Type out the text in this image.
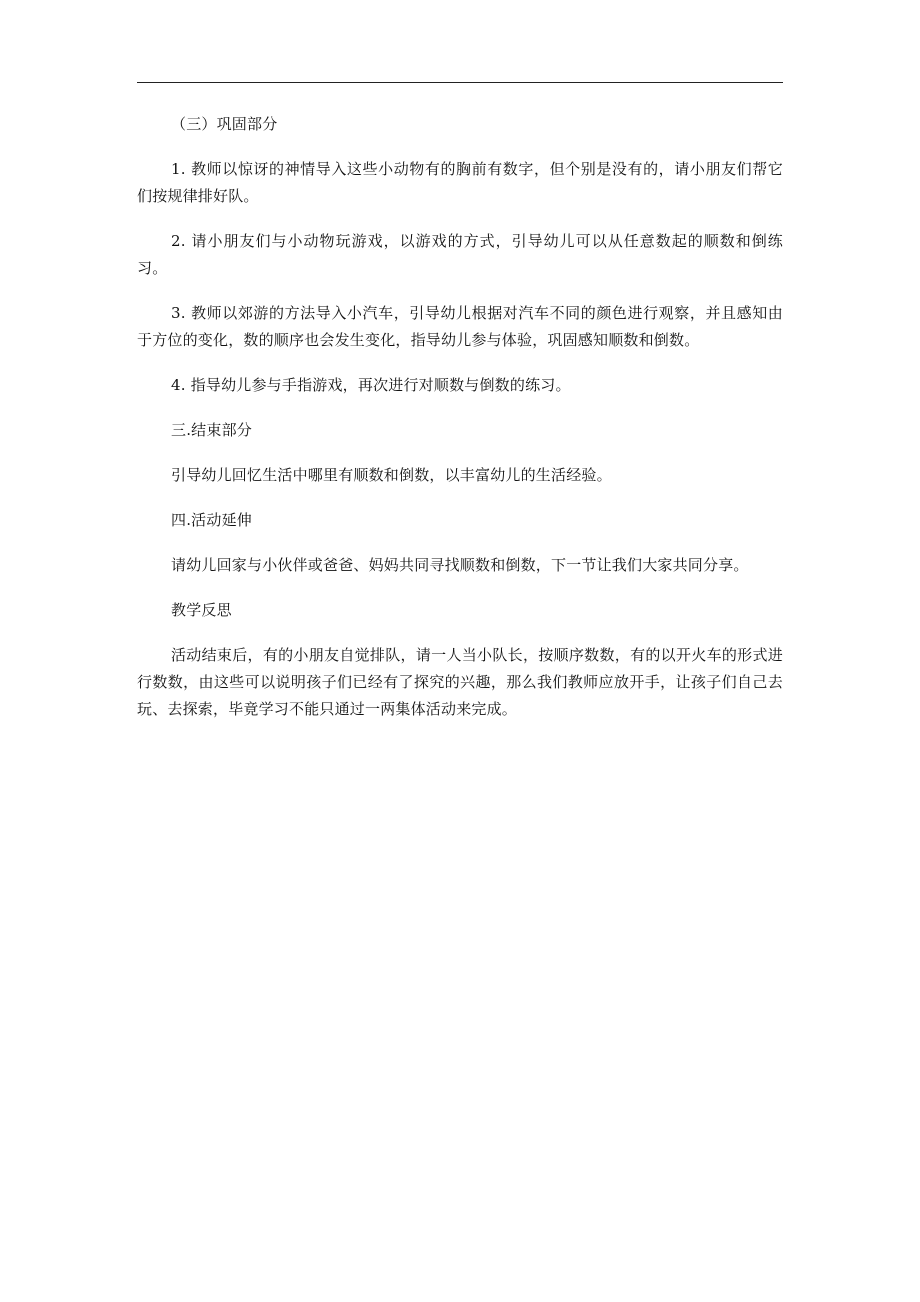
（三）巩固部分

1. 教师以惊讶的神情导入这些小动物有的胸前有数字，但个别是没有的，请小朋友们帮它们按规律排好队。

2. 请小朋友们与小动物玩游戏，以游戏的方式，引导幼儿可以从任意数起的顺数和倒练习。

3. 教师以郊游的方法导入小汽车，引导幼儿根据对汽车不同的颜色进行观察，并且感知由于方位的变化，数的顺序也会发生变化，指导幼儿参与体验，巩固感知顺数和倒数。

4. 指导幼儿参与手指游戏，再次进行对顺数与倒数的练习。

三.结束部分

引导幼儿回忆生活中哪里有顺数和倒数，以丰富幼儿的生活经验。

四.活动延伸

请幼儿回家与小伙伴或爸爸、妈妈共同寻找顺数和倒数，下一节让我们大家共同分享。

教学反思

活动结束后，有的小朋友自觉排队，请一人当小队长，按顺序数数，有的以开火车的形式进行数数，由这些可以说明孩子们已经有了探究的兴趣，那么我们教师应放开手，让孩子们自己去玩、去探索，毕竟学习不能只通过一两集体活动来完成。
